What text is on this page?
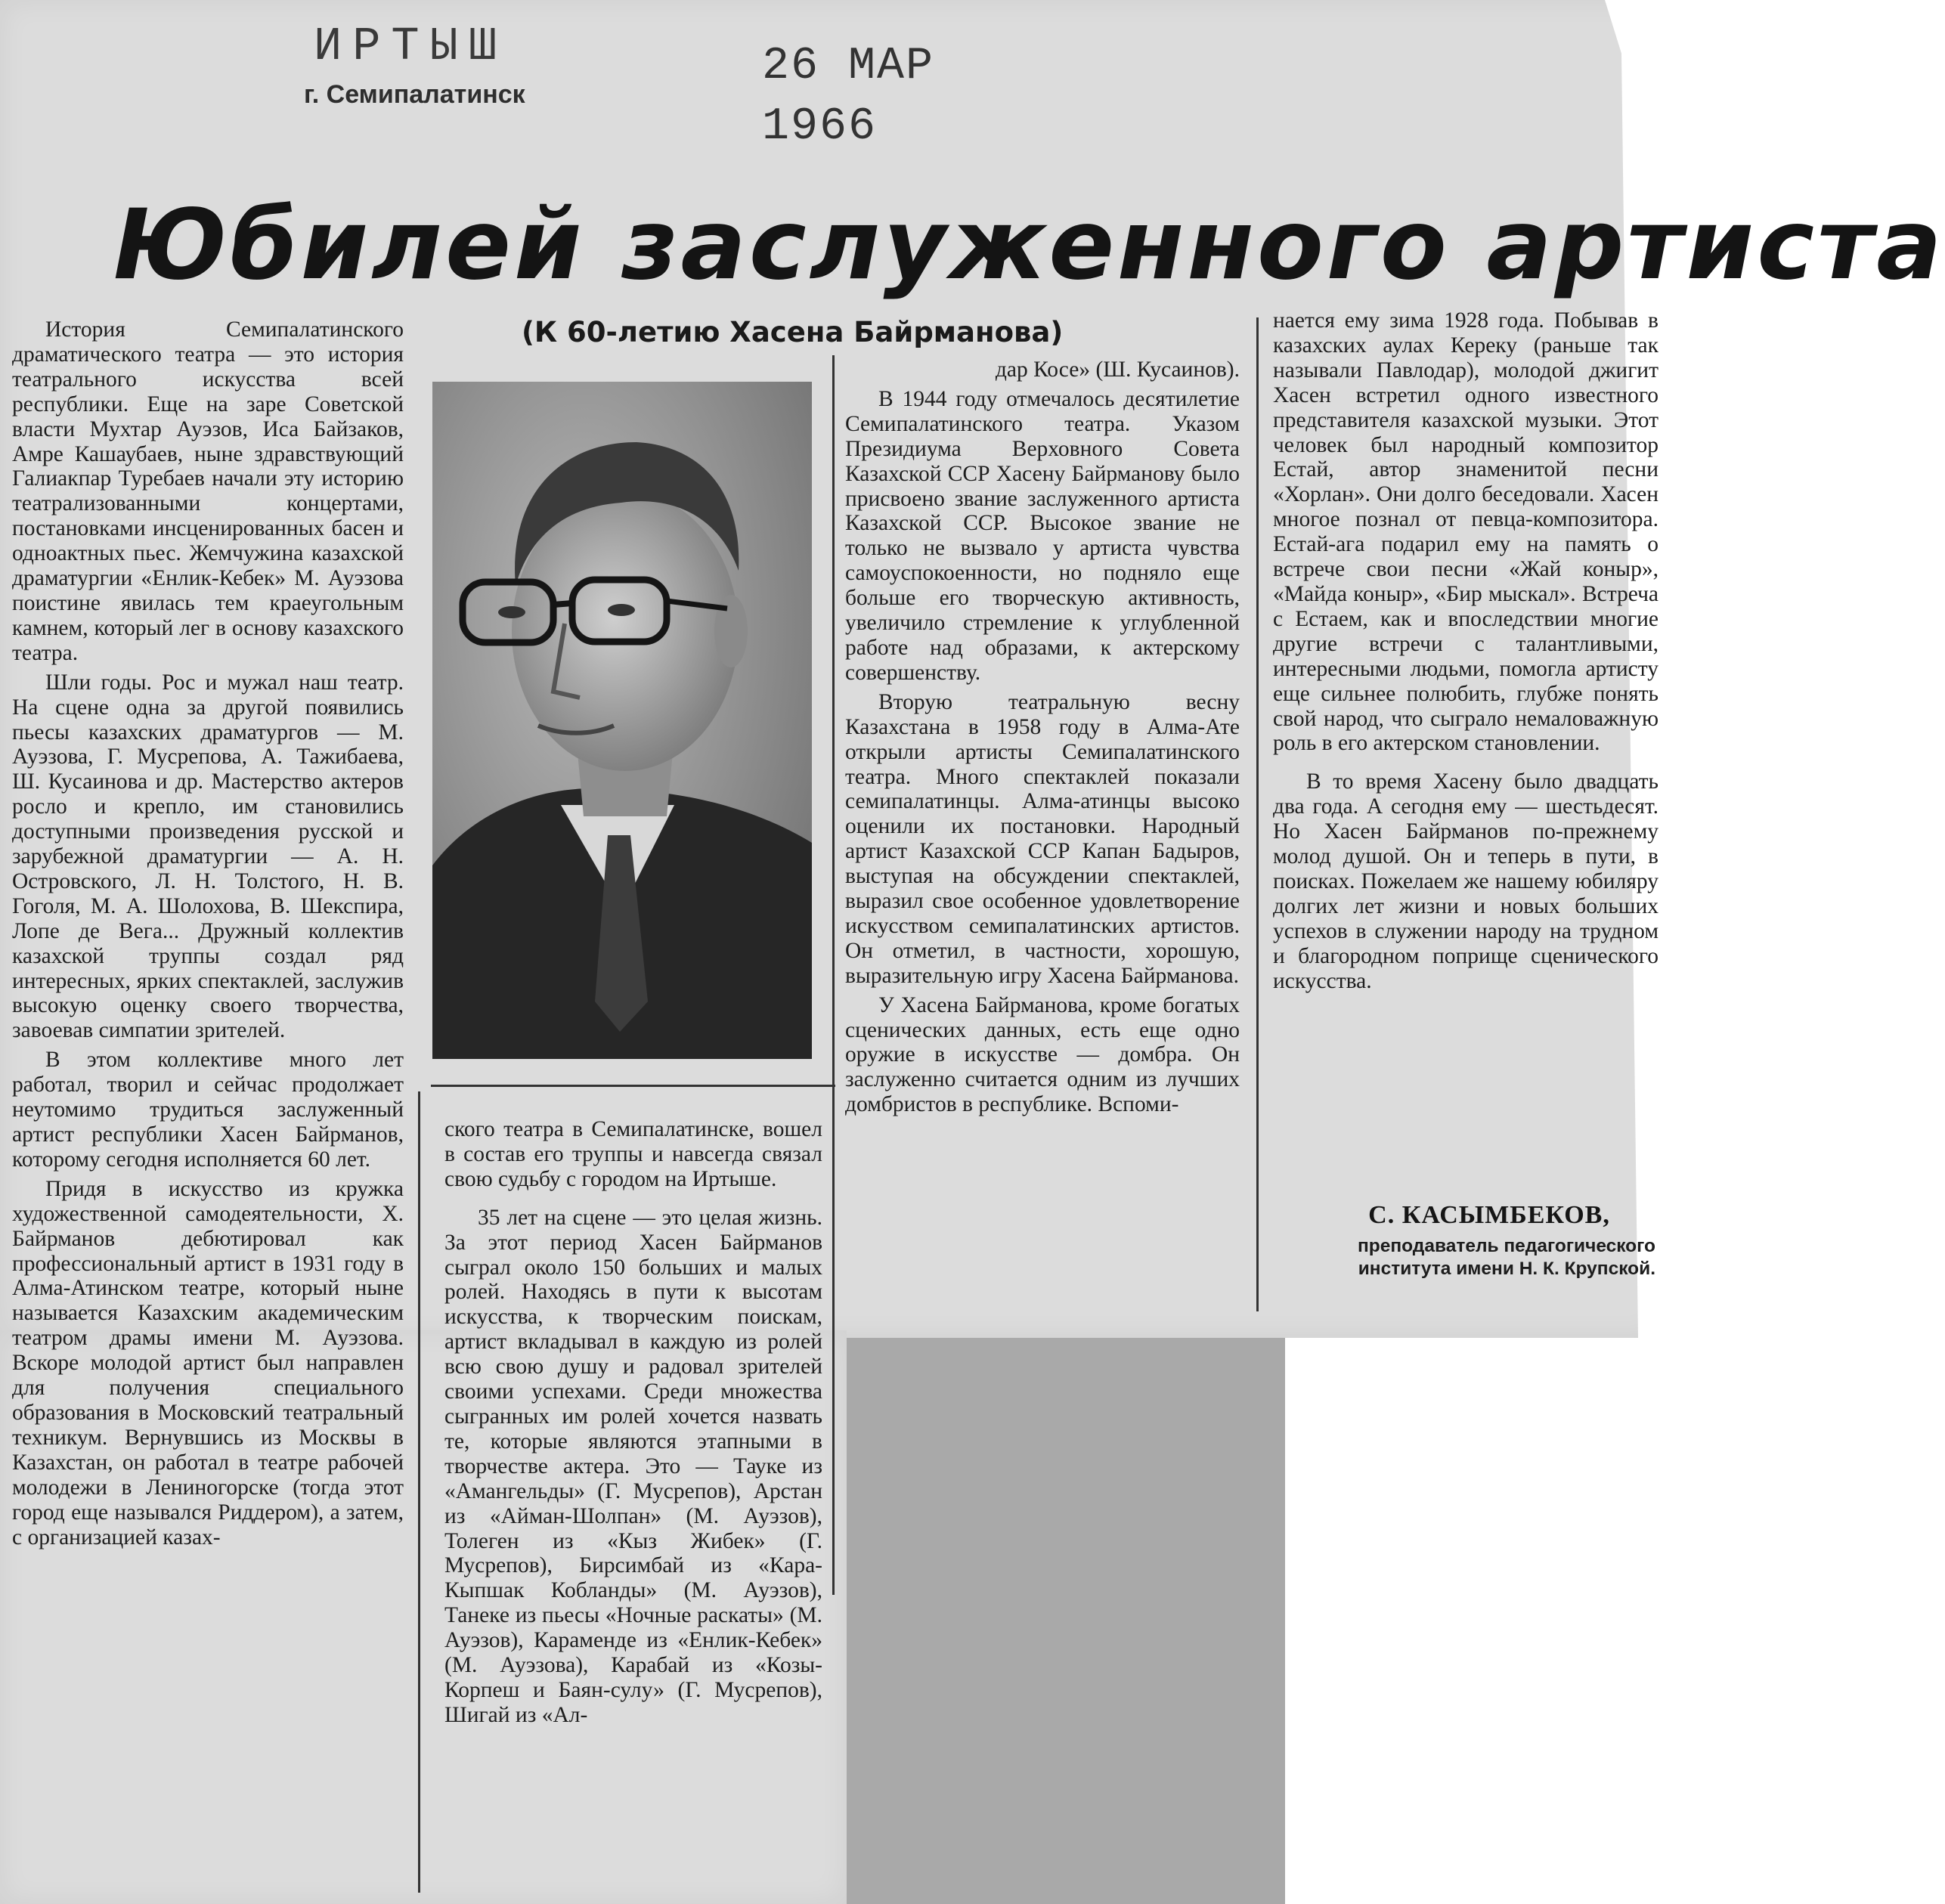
ИРТЫШ
г. Семипалатинск
26 МАР 1966
Юбилей заслуженного артиста
(К 60-летию Хасена Байрманова)

История Семипалатинского драматического театра — это история театрального искусства всей республики. Еще на заре Советской власти Мухтар Ауэзов, Иса Байзаков, Амре Кашаубаев, ныне здравствующий Галиакпар Туребаев начали эту историю театрализованными концертами, постановками инсценированных басен и одноактных пьес. Жемчужина казахской драматургии «Енлик-Кебек» М. Ауэзова поистине явилась тем краеугольным камнем, который лег в основу казахского театра.

Шли годы. Рос и мужал наш театр. На сцене одна за другой появились пьесы казахских драматургов — М. Ауэзова, Г. Мусрепова, А. Тажибаева, Ш. Кусаинова и др. Мастерство актеров росло и крепло, им становились доступными произведения русской и зарубежной драматургии — А. Н. Островского, Л. Н. Толстого, Н. В. Гоголя, М. А. Шолохова, В. Шекспира, Лопе де Вега... Дружный коллектив казахской труппы создал ряд интересных, ярких спектаклей, заслужив высокую оценку своего творчества, завоевав симпатии зрителей.

В этом коллективе много лет работал, творил и сейчас продолжает неутомимо трудиться заслуженный артист республики Хасен Байрманов, которому сегодня исполняется 60 лет.

Придя в искусство из кружка художественной самодеятельности, Х. Байрманов дебютировал как профессиональный артист в 1931 году в Алма-Атинском театре, который ныне называется Казахским академическим театром драмы имени М. Ауэзова. Вскоре молодой артист был направлен для получения специального образования в Московский театральный техникум. Вернувшись из Москвы в Казахстан, он работал в театре рабочей молодежи в Лениногорске (тогда этот город еще назывался Риддером), а затем, с организацией казах-

ского театра в Семипалатинске, вошел в состав его труппы и навсегда связал свою судьбу с городом на Иртыше.

35 лет на сцене — это целая жизнь. За этот период Хасен Байрманов сыграл около 150 больших и малых ролей. Находясь в пути к высотам искусства, к творческим поискам, артист вкладывал в каждую из ролей всю свою душу и радовал зрителей своими успехами. Среди множества сыгранных им ролей хочется назвать те, которые являются этапными в творчестве актера. Это — Тауке из «Амангельды» (Г. Мусрепов), Арстан из «Айман-Шолпан» (М. Ауэзов), Толеген из «Кыз Жибек» (Г. Мусрепов), Бирсимбай из «Кара-Кыпшак Кобланды» (М. Ауэзов), Танеке из пьесы «Ночные раскаты» (М. Ауэзов), Караменде из «Енлик-Кебек» (М. Ауэзова), Карабай из «Козы-Корпеш и Баян-сулу» (Г. Мусрепов), Шигай из «Ал-

дар Косе» (Ш. Кусаинов).

В 1944 году отмечалось десятилетие Семипалатинского театра. Указом Президиума Верховного Совета Казахской ССР Хасену Байрманову было присвоено звание заслуженного артиста Казахской ССР. Высокое звание не только не вызвало у артиста чувства самоуспокоенности, но подняло еще больше его творческую активность, увеличило стремление к углубленной работе над образами, к актерскому совершенству.

Вторую театральную весну Казахстана в 1958 году в Алма-Ате открыли артисты Семипалатинского театра. Много спектаклей показали семипалатинцы. Алма-атинцы высоко оценили их постановки. Народный артист Казахской ССР Капан Бадыров, выступая на обсуждении спектаклей, выразил свое особенное удовлетворение искусством семипалатинских артистов. Он отметил, в частности, хорошую, выразительную игру Хасена Байрманова.

У Хасена Байрманова, кроме богатых сценических данных, есть еще одно оружие в искусстве — домбра. Он заслуженно считается одним из лучших домбристов в республике. Вспоми-

нается ему зима 1928 года. Побывав в казахских аулах Кереку (раньше так называли Павлодар), молодой джигит Хасен встретил одного известного представителя казахской музыки. Этот человек был народный композитор Естай, автор знаменитой песни «Хорлан». Они долго беседовали. Хасен многое познал от певца-композитора. Естай-ага подарил ему на память о встрече свои песни «Жай коныр», «Майда коныр», «Бир мыскал». Встреча с Естаем, как и впоследствии многие другие встречи с талантливыми, интересными людьми, помогла артисту еще сильнее полюбить, глубже понять свой народ, что сыграло немаловажную роль в его актерском становлении.

В то время Хасену было двадцать два года. А сегодня ему — шестьдесят. Но Хасен Байрманов по-прежнему молод душой. Он и теперь в пути, в поисках. Пожелаем же нашему юбиляру долгих лет жизни и новых больших успехов в служении народу на трудном и благородном поприще сценического искусства.

С. КАСЫМБЕКОВ,
преподаватель педагогического института имени Н. К. Крупской.
